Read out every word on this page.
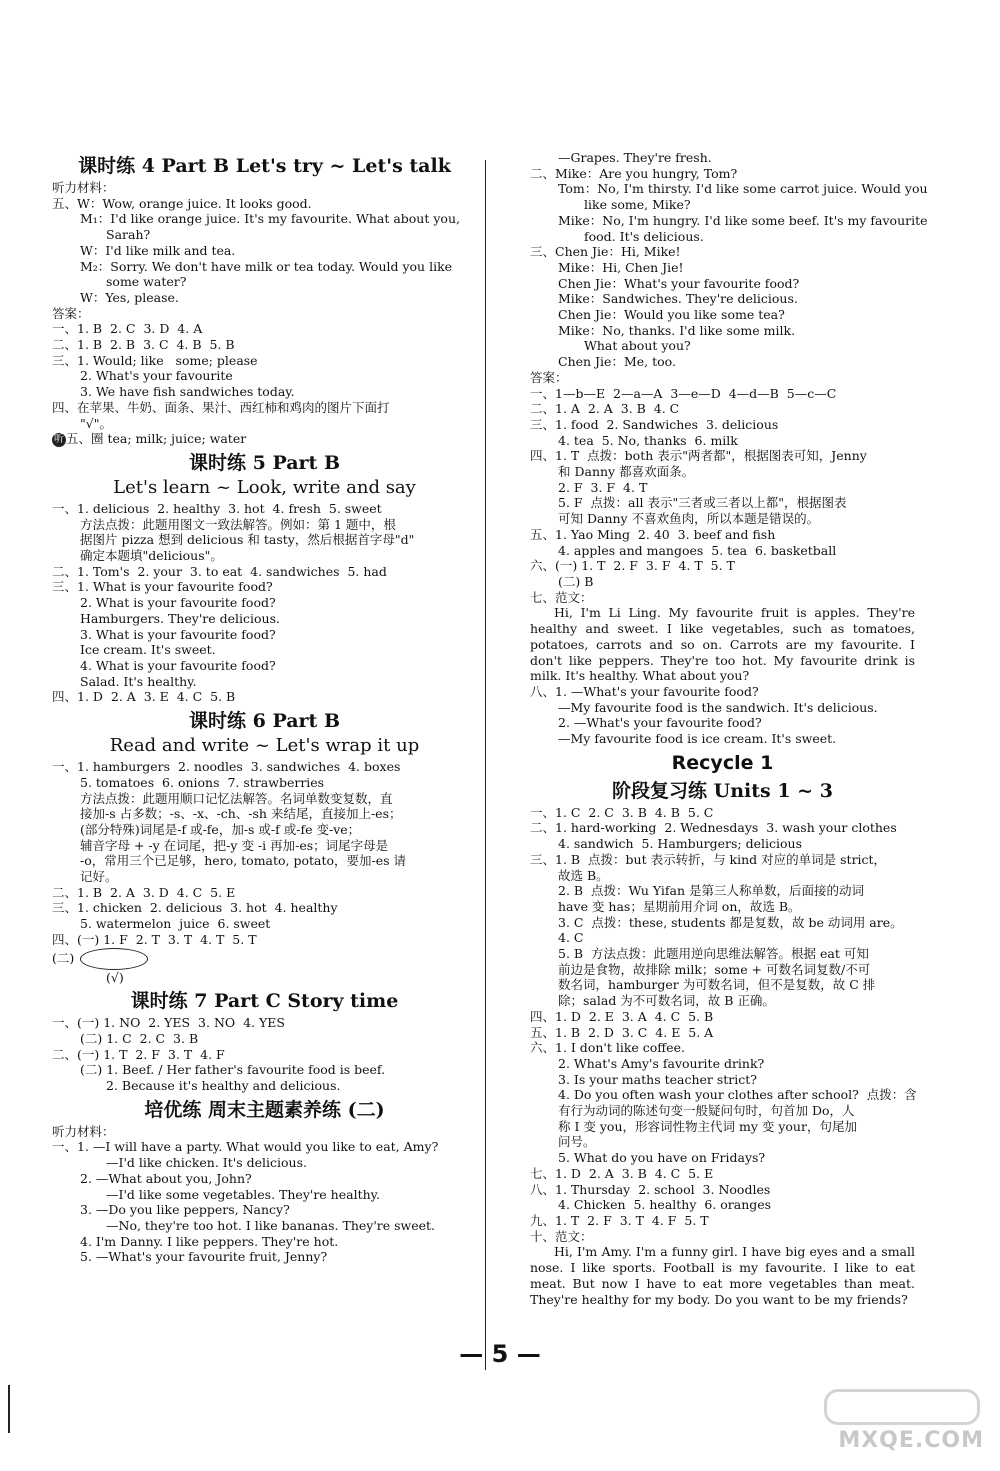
课时练 4 Part B Let's try ~ Let's talk
听力材料：
五、W：Wow, orange juice. It looks good.
M₁：I'd like orange juice. It's my favourite. What about you,
Sarah?
W：I'd like milk and tea.
M₂：Sorry. We don't have milk or tea today. Would you like
some water?
W：Yes, please.
答案：
一、1. B  2. C  3. D  4. A
二、1. B  2. B  3. C  4. B  5. B
三、1. Would; like   some; please
2. What's your favourite
3. We have fish sandwiches today.
四、在苹果、牛奶、面条、果汁、西红柿和鸡肉的图片下面打
"√"。
听 五、圈 tea; milk; juice; water
课时练 5 Part B
Let's learn ~ Look, write and say
一、1. delicious  2. healthy  3. hot  4. fresh  5. sweet
方法点拨：此题用图文一致法解答。例如：第 1 题中，根
据图片 pizza 想到 delicious 和 tasty，然后根据首字母"d"
确定本题填"delicious"。
二、1. Tom's  2. your  3. to eat  4. sandwiches  5. had
三、1. What is your favourite food?
2. What is your favourite food?
Hamburgers. They're delicious.
3. What is your favourite food?
Ice cream. It's sweet.
4. What is your favourite food?
Salad. It's healthy.
四、1. D  2. A  3. E  4. C  5. B
课时练 6 Part B
Read and write ~ Let's wrap it up
一、1. hamburgers  2. noodles  3. sandwiches  4. boxes
5. tomatoes  6. onions  7. strawberries
方法点拨：此题用顺口记忆法解答。名词单数变复数，直
接加-s 占多数；-s、-x、-ch、-sh 来结尾，直接加上-es；
(部分特殊)词尾是-f 或-fe，加-s 或-f 或-fe 变-ve；
辅音字母 + -y 在词尾，把-y 变 -i 再加-es；词尾字母是
-o，常用三个已足够，hero, tomato, potato，要加-es 请
记好。
二、1. B  2. A  3. D  4. C  5. E
三、1. chicken  2. delicious  3. hot  4. healthy
5. watermelon  juice  6. sweet
四、(一) 1. F  2. T  3. T  4. T  5. T
(二)
(√)
课时练 7 Part C Story time
一、(一) 1. NO  2. YES  3. NO  4. YES
(二) 1. C  2. C  3. B
二、(一) 1. T  2. F  3. T  4. F
(二) 1. Beef. / Her father's favourite food is beef.
2. Because it's healthy and delicious.
培优练 周末主题素养练 (二)
听力材料：
一、1. —I will have a party. What would you like to eat, Amy?
—I'd like chicken. It's delicious.
2. —What about you, John?
—I'd like some vegetables. They're healthy.
3. —Do you like peppers, Nancy?
—No, they're too hot. I like bananas. They're sweet.
4. I'm Danny. I like peppers. They're hot.
5. —What's your favourite fruit, Jenny?
—Grapes. They're fresh.
二、Mike：Are you hungry, Tom?
Tom：No, I'm thirsty. I'd like some carrot juice. Would you
like some, Mike?
Mike：No, I'm hungry. I'd like some beef. It's my favourite
food. It's delicious.
三、Chen Jie：Hi, Mike!
Mike：Hi, Chen Jie!
Chen Jie：What's your favourite food?
Mike：Sandwiches. They're delicious.
Chen Jie：Would you like some tea?
Mike：No, thanks. I'd like some milk.
What about you?
Chen Jie：Me, too.
答案：
一、1—b—E  2—a—A  3—e—D  4—d—B  5—c—C
二、1. A  2. A  3. B  4. C
三、1. food  2. Sandwiches  3. delicious
4. tea  5. No, thanks  6. milk
四、1. T  点拨：both 表示"两者都"，根据图表可知，Jenny
和 Danny 都喜欢面条。
2. F  3. F  4. T
5. F  点拨：all 表示"三者或三者以上都"，根据图表
可知 Danny 不喜欢鱼肉，所以本题是错误的。
五、1. Yao Ming  2. 40  3. beef and fish
4. apples and mangoes  5. tea  6. basketball
六、(一) 1. T  2. F  3. F  4. T  5. T
(二) B
七、范文：
Hi, I'm Li Ling. My favourite fruit is apples. They're healthy and sweet. I like vegetables, such as tomatoes, potatoes, carrots and so on. Carrots are my favourite. I don't like peppers. They're too hot. My favourite drink is milk. It's healthy. What about you?
八、1. —What's your favourite food?
—My favourite food is the sandwich. It's delicious.
2. —What's your favourite food?
—My favourite food is ice cream. It's sweet.
Recycle 1
阶段复习练 Units 1 ~ 3
一、1. C  2. C  3. B  4. B  5. C
二、1. hard-working  2. Wednesdays  3. wash your clothes
4. sandwich  5. Hamburgers; delicious
三、1. B  点拨：but 表示转折，与 kind 对应的单词是 strict，
故选 B。
2. B  点拨：Wu Yifan 是第三人称单数，后面接的动词
have 变 has；星期前用介词 on，故选 B。
3. C  点拨：these, students 都是复数，故 be 动词用 are。
4. C
5. B  方法点拨：此题用逆向思维法解答。根据 eat 可知
前边是食物，故排除 milk；some + 可数名词复数/不可
数名词，hamburger 为可数名词，但不是复数，故 C 排
除；salad 为不可数名词，故 B 正确。
四、1. D  2. E  3. A  4. C  5. B
五、1. B  2. D  3. C  4. E  5. A
六、1. I don't like coffee.
2. What's Amy's favourite drink?
3. Is your maths teacher strict?
4. Do you often wash your clothes after school?  点拨：含
有行为动词的陈述句变一般疑问句时，句首加 Do，人
称 I 变 you，形容词性物主代词 my 变 your，句尾加
问号。
5. What do you have on Fridays?
七、1. D  2. A  3. B  4. C  5. E
八、1. Thursday  2. school  3. Noodles
4. Chicken  5. healthy  6. oranges
九、1. T  2. F  3. T  4. F  5. T
十、范文：
Hi, I'm Amy. I'm a funny girl. I have big eyes and a small nose. I like sports. Football is my favourite. I like to eat meat. But now I have to eat more vegetables than meat. They're healthy for my body. Do you want to be my friends?
— 5 —
MXQE.COM
